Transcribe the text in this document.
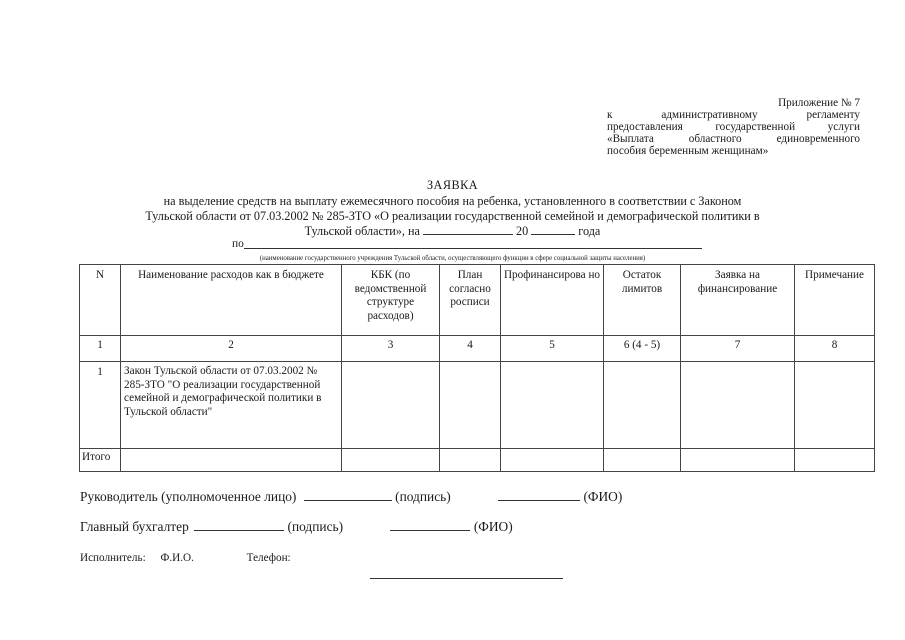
Приложение № 7
к административному регламенту
предоставления государственной услуги
«Выплата областного единовременного
пособия беременным женщинам»
ЗАЯВКА
на выделение средств на выплату ежемесячного пособия на ребенка, установленного в соответствии с Законом
Тульской области от 07.03.2002 № 285-ЗТО «О реализации государственной семейной и демографической политики в
Тульской области», на	20	года
по
(наименование государственного учреждения Тульской области, осуществляющего функции в сфере социальной защиты населения)
N	Наименование расходов как в бюджете	КБК (по ведомственной структуре расходов)	План согласно росписи	Профинансирова но	Остаток лимитов	Заявка на финансирование	Примечание
1	2	3	4	5	6 (4 - 5)	7	8
1	Закон Тульской области от 07.03.2002 № 285-ЗТО "О реализации государственной семейной и демографической политики в Тульской области"						
Итого							
Руководитель (уполномоченное лицо)	(подпись)	(ФИО)
Главный бухгалтер	(подпись)	(ФИО)
Исполнитель: Ф.И.О.	Телефон:
